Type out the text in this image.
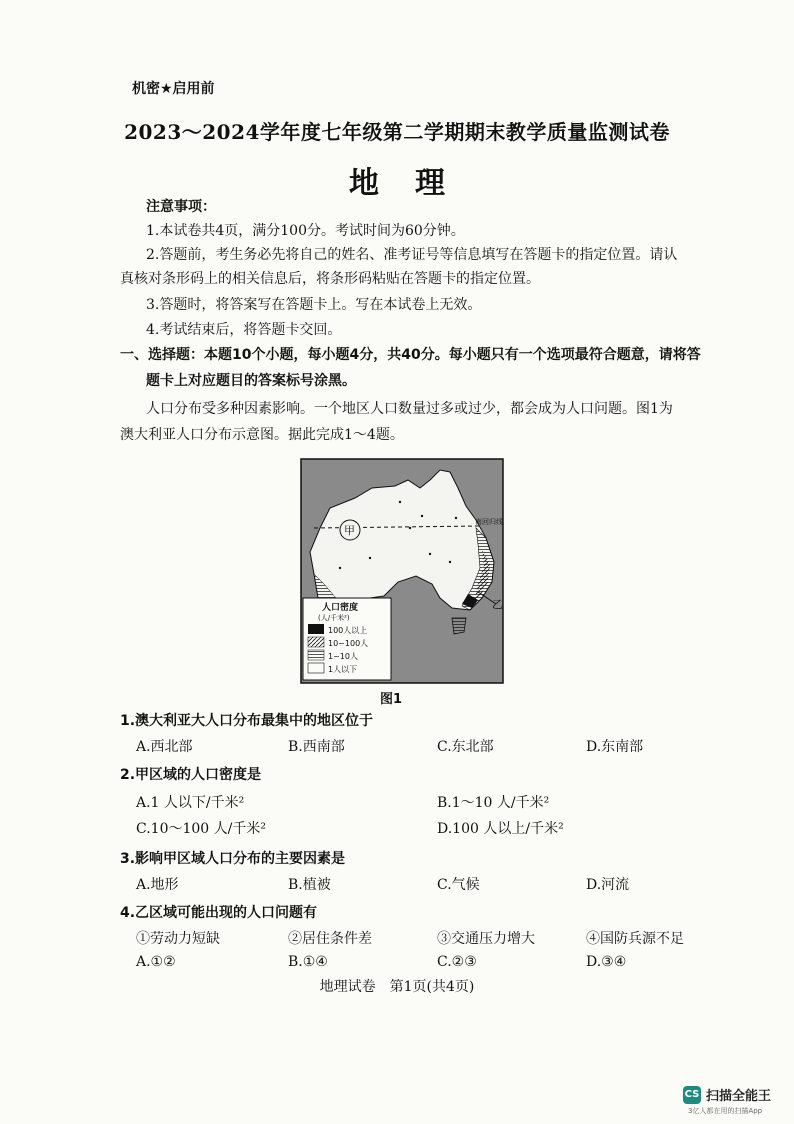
机密★启用前
2023～2024学年度七年级第二学期期末教学质量监测试卷
地理
注意事项：
1.本试卷共4页，满分100分。考试时间为60分钟。
2.答题前，考生务必先将自己的姓名、准考证号等信息填写在答题卡的指定位置。请认
真核对条形码上的相关信息后，将条形码粘贴在答题卡的指定位置。
3.答题时，将答案写在答题卡上。写在本试卷上无效。
4.考试结束后，将答题卡交回。
一、选择题：本题10个小题，每小题4分，共40分。每小题只有一个选项最符合题意，请将答
题卡上对应题目的答案标号涂黑。
人口分布受多种因素影响。一个地区人口数量过多或过少，都会成为人口问题。图1为
澳大利亚人口分布示意图。据此完成1～4题。
南回归线
甲
乙
人口密度
(人/千米²)
100人以上
10~100人
1~10人
1人以下
图1
1.澳大利亚大人口分布最集中的地区位于
A.西北部	B.西南部	C.东北部	D.东南部
2.甲区域的人口密度是
A.1 人以下/千米²	B.1～10 人/千米²
C.10～100 人/千米²	D.100 人以上/千米²
3.影响甲区域人口分布的主要因素是
A.地形	B.植被	C.气候	D.河流
4.乙区域可能出现的人口问题有
①劳动力短缺	②居住条件差	③交通压力增大	④国防兵源不足
A.①②	B.①④	C.②③	D.③④
地理试卷　第1页(共4页)
CS 扫描全能王
3亿人都在用的扫描App
